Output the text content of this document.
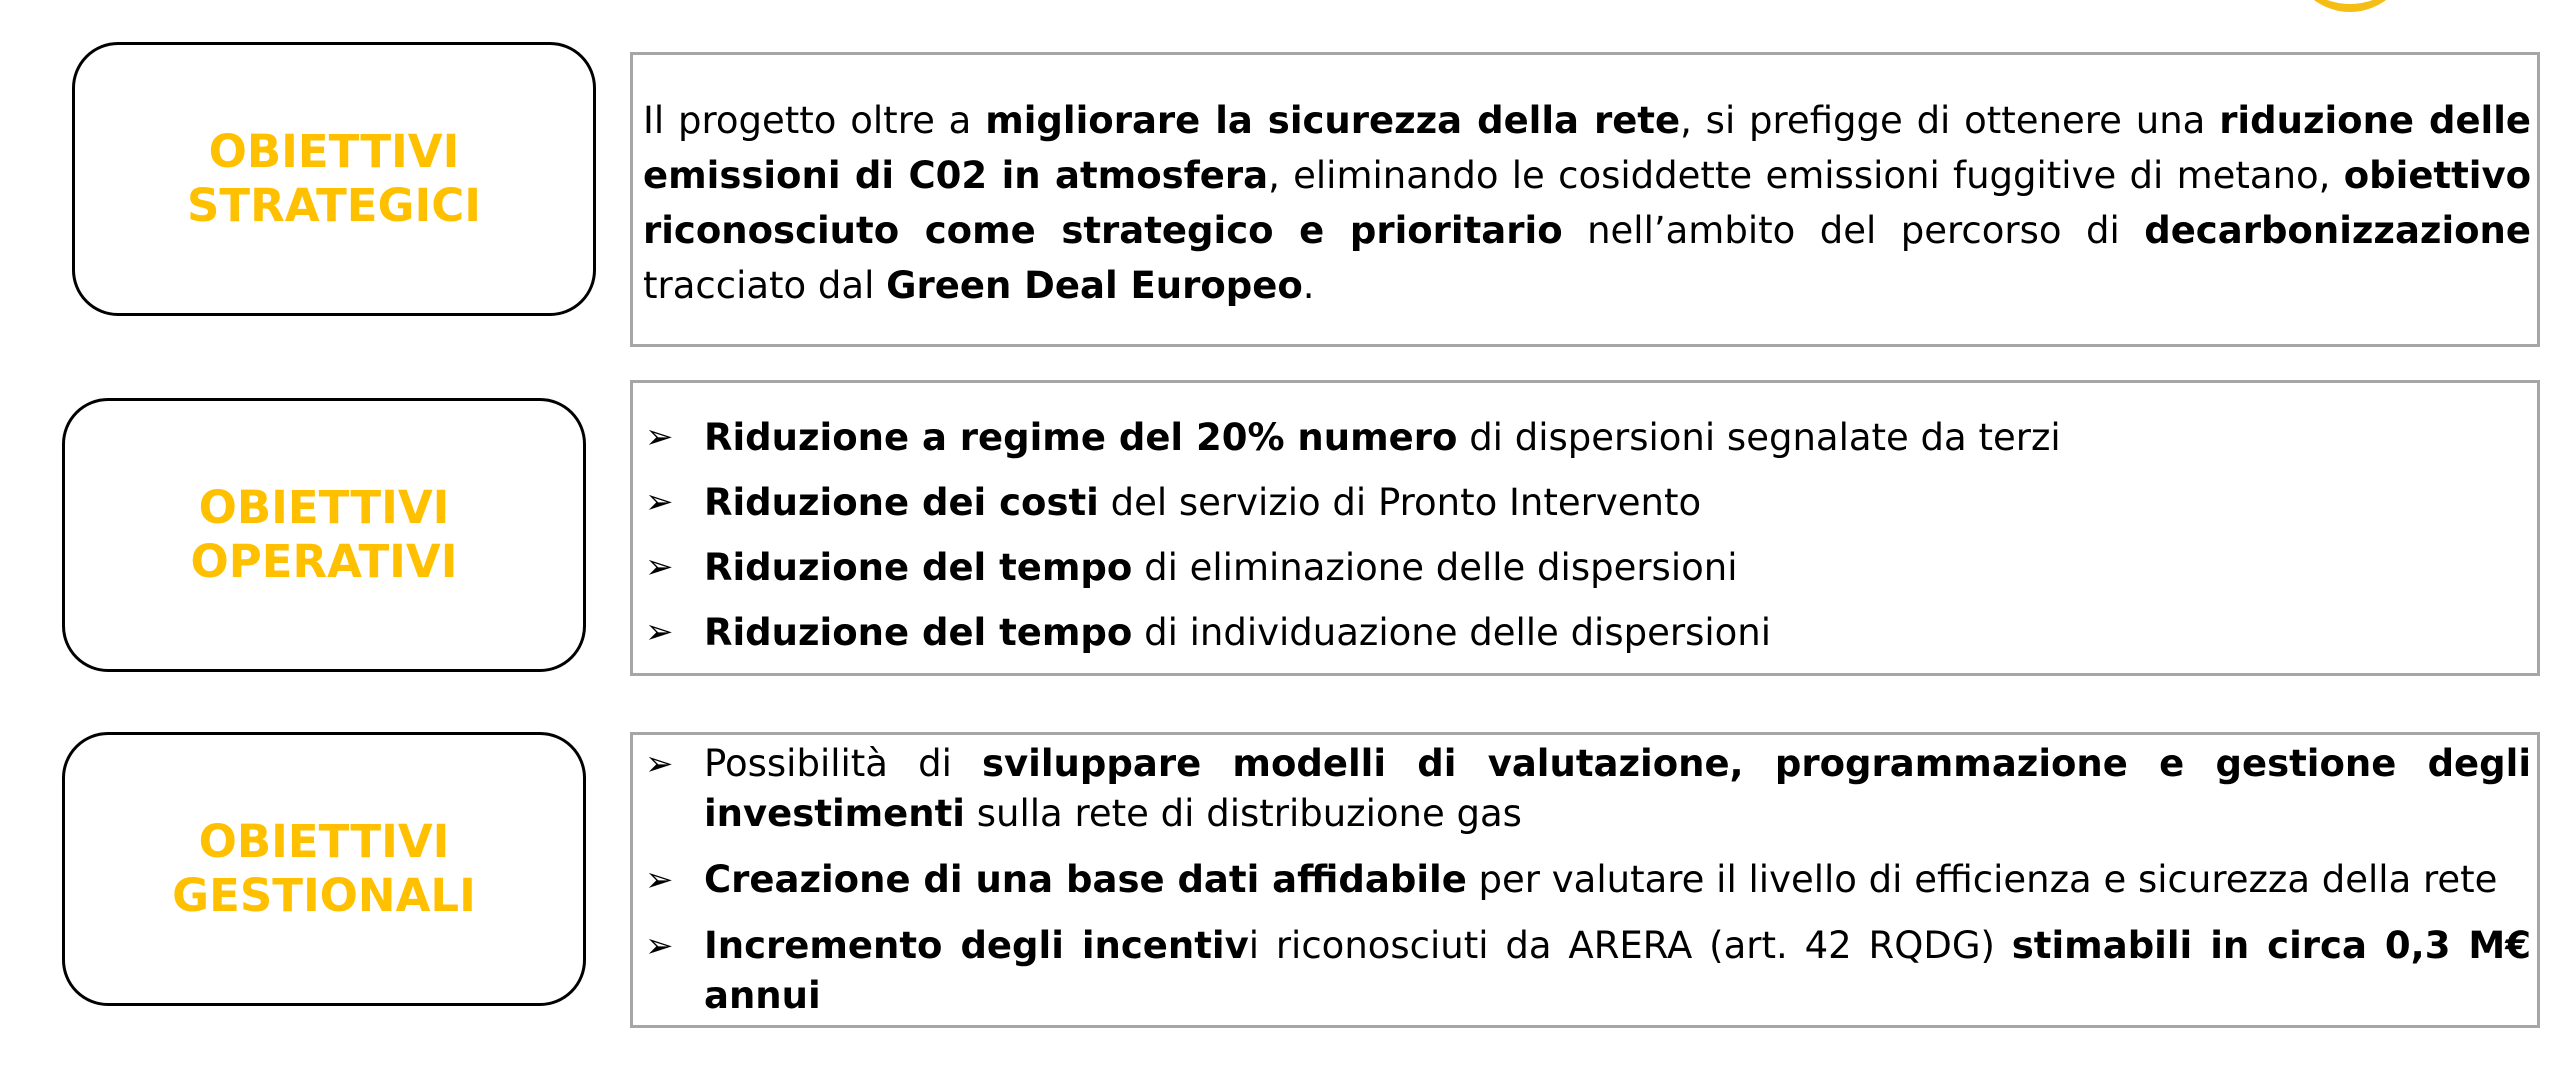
OBIETTIVI
STRATEGICI

Il progetto oltre a migliorare la sicurezza della rete, si prefigge di ottenere una riduzione delle emissioni di C02 in atmosfera, eliminando le cosiddette emissioni fuggitive di metano, obiettivo riconosciuto come strategico e prioritario nell’ambito del percorso di decarbonizzazione tracciato dal Green Deal Europeo.

OBIETTIVI
OPERATIVI
➢ Riduzione a regime del 20% numero di dispersioni segnalate da terzi
➢ Riduzione dei costi del servizio di Pronto Intervento
➢ Riduzione del tempo di eliminazione delle dispersioni
➢ Riduzione del tempo di individuazione delle dispersioni
OBIETTIVI
GESTIONALI
➢ Possibilità di sviluppare modelli di valutazione, programmazione e gestione degli investimenti sulla rete di distribuzione gas
➢ Creazione di una base dati affidabile per valutare il livello di efficienza e sicurezza della rete
➢ Incremento degli incentivi riconosciuti da ARERA (art. 42 RQDG) stimabili in circa 0,3 M€ annui
